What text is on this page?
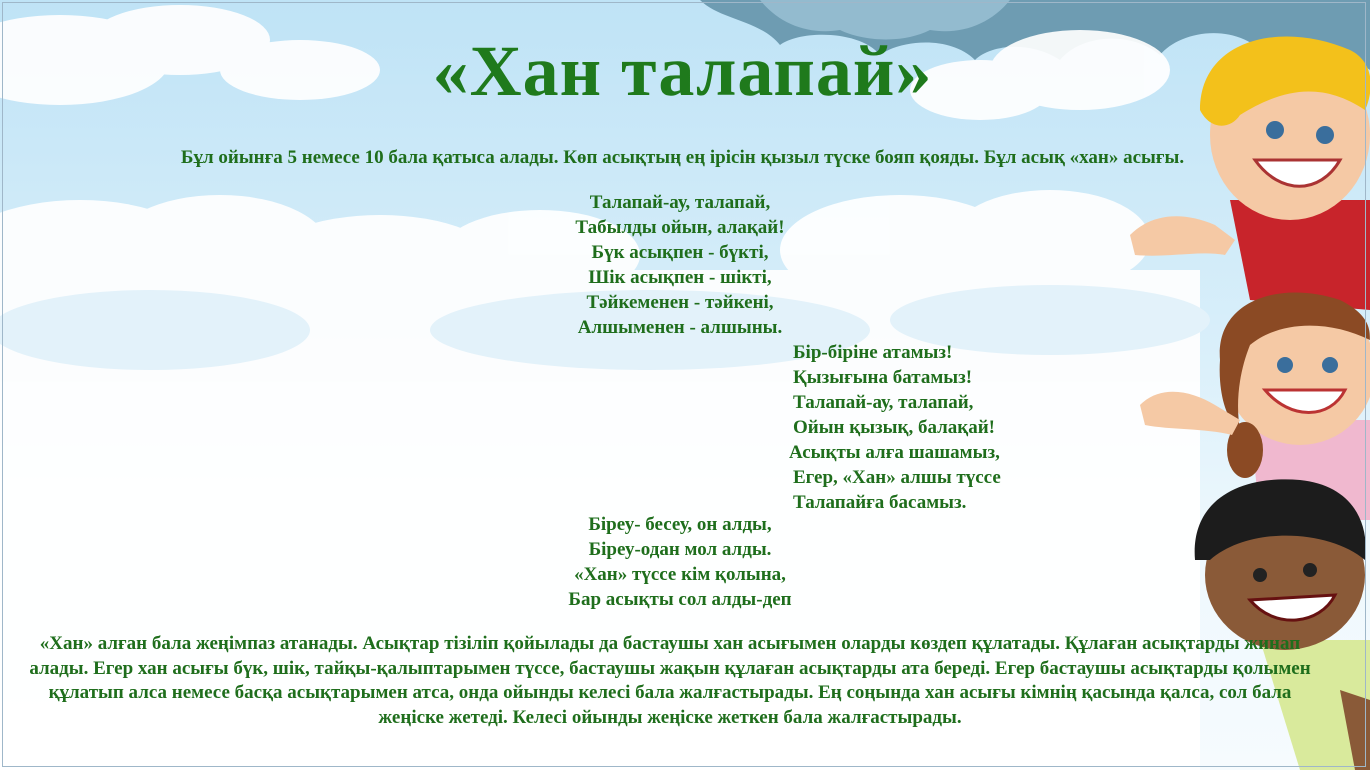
«Хан талапай»
Бұл ойынға 5 немесе 10 бала қатыса алады. Көп асықтың ең ірісін қызыл түске бояп қояды. Бұл асық «хан» асығы.
Талапай-ау, талапай,
Табылды ойын, алақай!
Бүк асықпен - бүкті,
Шік асықпен - шікті,
Тәйкеменен - тәйкені,
Алшыменен - алшыны.
Бір-біріне атамыз!
Қызығына батамыз!
Талапай-ау, талапай,
Ойын қызық, балақай!
Асықты алға шашамыз,
Егер, «Хан» алшы түссе
Талапайға басамыз.
Біреу- бесеу, он алды,
Біреу-одан мол алды.
«Хан» түссе кім қолына,
Бар асықты сол алды-деп
«Хан» алған бала жеңімпаз атанады. Асықтар тізіліп қойылады да бастаушы хан асығымен оларды көздеп құлатады. Құлаған асықтарды жинап алады. Егер хан асығы бүк, шік, тайқы-қалыптарымен түссе, бастаушы жақын құлаған асықтарды ата береді. Егер бастаушы асықтарды қолымен құлатып алса немесе басқа асықтарымен атса, онда ойынды келесі бала жалғастырады. Ең соңында хан асығы кімнің қасында қалса, сол бала жеңіске жетеді. Келесі ойынды жеңіске жеткен бала жалғастырады.
